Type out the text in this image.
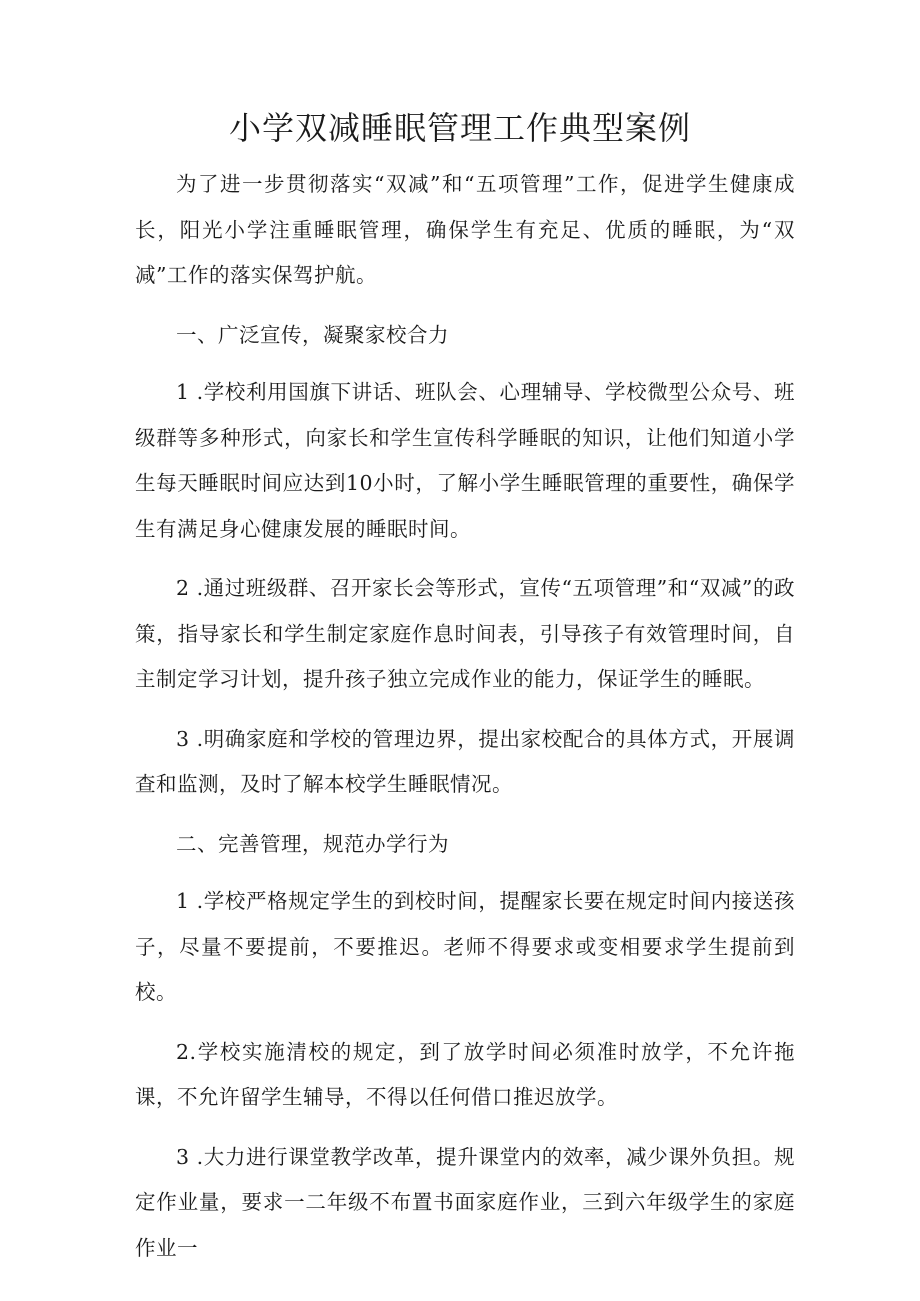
小学双减睡眠管理工作典型案例

为了进一步贯彻落实“双减”和“五项管理”工作，促进学生健康成长，阳光小学注重睡眠管理，确保学生有充足、优质的睡眠，为“双减”工作的落实保驾护航。

一、广泛宣传，凝聚家校合力

1 .学校利用国旗下讲话、班队会、心理辅导、学校微型公众号、班级群等多种形式，向家长和学生宣传科学睡眠的知识，让他们知道小学生每天睡眠时间应达到10小时，了解小学生睡眠管理的重要性，确保学生有满足身心健康发展的睡眠时间。

2 .通过班级群、召开家长会等形式，宣传“五项管理”和“双减”的政策，指导家长和学生制定家庭作息时间表，引导孩子有效管理时间，自主制定学习计划，提升孩子独立完成作业的能力，保证学生的睡眠。

3 .明确家庭和学校的管理边界，提出家校配合的具体方式，开展调查和监测，及时了解本校学生睡眠情况。

二、完善管理，规范办学行为

1 .学校严格规定学生的到校时间，提醒家长要在规定时间内接送孩子，尽量不要提前，不要推迟。老师不得要求或变相要求学生提前到校。

2.学校实施清校的规定，到了放学时间必须准时放学，不允许拖课，不允许留学生辅导，不得以任何借口推迟放学。

3 .大力进行课堂教学改革，提升课堂内的效率，减少课外负担。规定作业量，要求一二年级不布置书面家庭作业，三到六年级学生的家庭作业一
